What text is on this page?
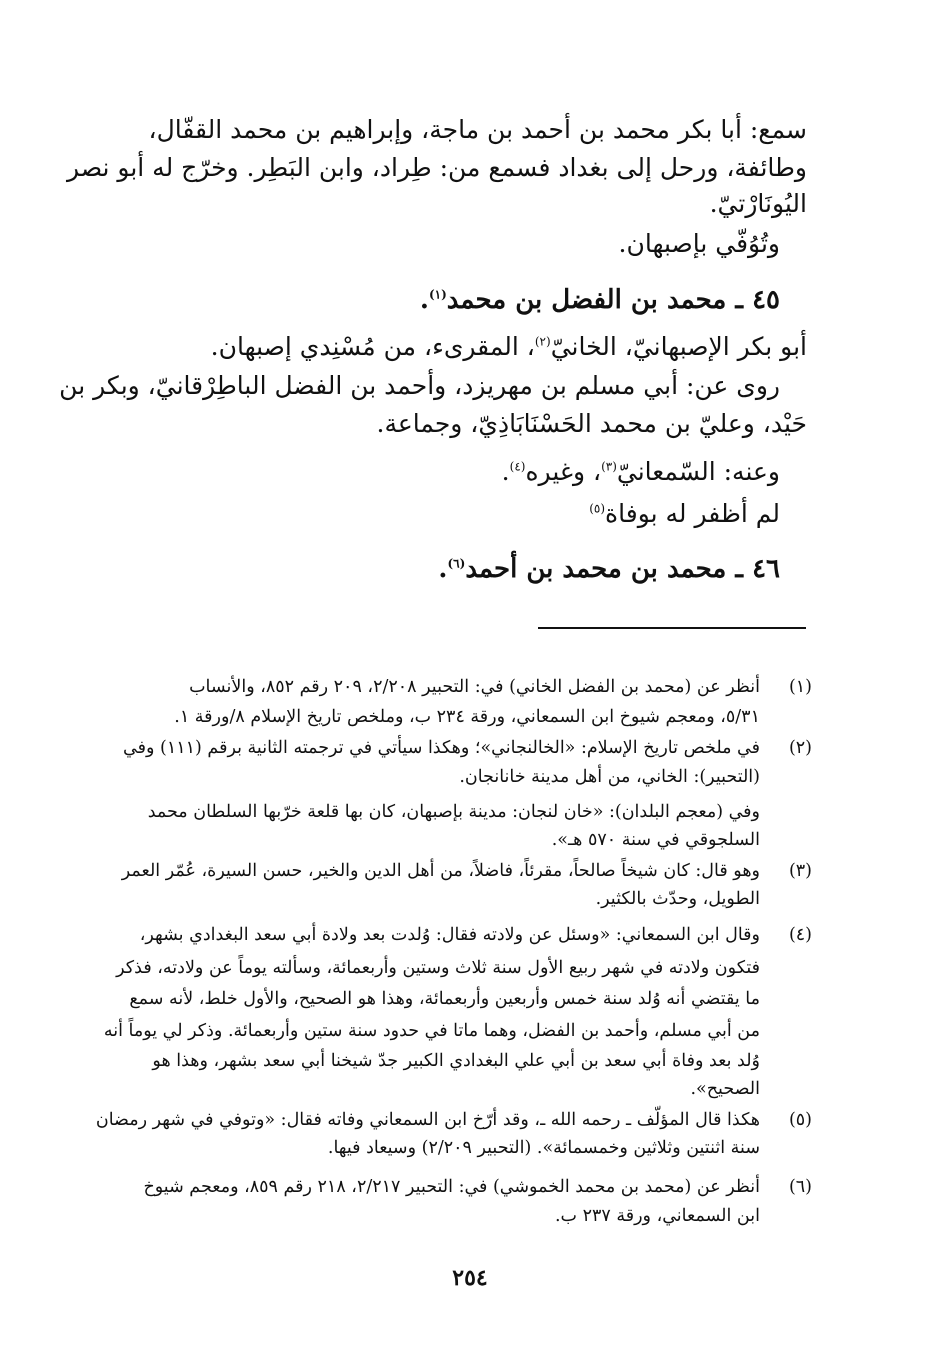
سمع: أبا بكر محمد بن أحمد بن ماجة، وإبراهيم بن محمد القفّال،
وطائفة، ورحل إلى بغداد فسمع من: طِراد، وابن البَطِر. وخرّج له أبو نصر
اليُونَارْتيّ.
وتُوُفّي بإصبهان.
٤٥ ـ محمد بن الفضل بن محمد$^{(١)}$.
أبو بكر الإصبهانيّ، الخانيّ$^{(٢)}$، المقرىء، من مُسْنِدي إصبهان.
روى عن: أبي مسلم بن مهريزد، وأحمد بن الفضل الباطِرْقانيّ، وبكر بن
حَيْد، وعليّ بن محمد الحَسْنَابَاذِيّ، وجماعة.
وعنه: السّمعانيّ$^{(٣)}$، وغيره$^{(٤)}$.
لم أظفر له بوفاة$^{(٥)}$
٤٦ ـ محمد بن محمد بن أحمد$^{(٦)}$.
(١)
أنظر عن (محمد بن الفضل الخاني) في: التحبير ٢/٢٠٨، ٢٠٩ رقم ٨٥٢، والأنساب
٥/٣١، ومعجم شيوخ ابن السمعاني، ورقة ٢٣٤ ب، وملخص تاريخ الإسلام ٨/ورقة ١.
(٢)
في ملخص تاريخ الإسلام: «الخالنجاني»؛ وهكذا سيأتي في ترجمته الثانية برقم (١١١) وفي
(التحبير): الخاني، من أهل مدينة خانانجان.
وفي (معجم البلدان): «خان لنجان: مدينة بإصبهان، كان بها قلعة خرّبها السلطان محمد
السلجوقي في سنة ٥٧٠ هـ».
(٣)
وهو قال: كان شيخاً صالحاً، مقرئاً، فاضلاً، من أهل الدين والخير، حسن السيرة، عُمّر العمر
الطويل، وحدّث بالكثير.
(٤)
وقال ابن السمعاني: «وسئل عن ولادته فقال: وُلدت بعد ولادة أبي سعد البغدادي بشهر،
فتكون ولادته في شهر ربيع الأول سنة ثلاث وستين وأربعمائة، وسألته يوماً عن ولادته، فذكر
ما يقتضي أنه وُلد سنة خمس وأربعين وأربعمائة، وهذا هو الصحيح، والأول خلط، لأنه سمع
من أبي مسلم، وأحمد بن الفضل، وهما ماتا في حدود سنة ستين وأربعمائة. وذكر لي يوماً أنه
وُلد بعد وفاة أبي سعد بن أبي علي البغدادي الكبير جدّ شيخنا أبي سعد بشهر، وهذا هو
الصحيح».
(٥)
هكذا قال المؤلّف ـ رحمه الله ـ، وقد أرّخ ابن السمعاني وفاته فقال: «وتوفي في شهر رمضان
سنة اثنتين وثلاثين وخمسمائة». (التحبير ٢/٢٠٩) وسيعاد فيها.
(٦)
أنظر عن (محمد بن محمد الخموشي) في: التحبير ٢/٢١٧، ٢١٨ رقم ٨٥٩، ومعجم شيوخ
ابن السمعاني، ورقة ٢٣٧ ب.
٢٥٤
